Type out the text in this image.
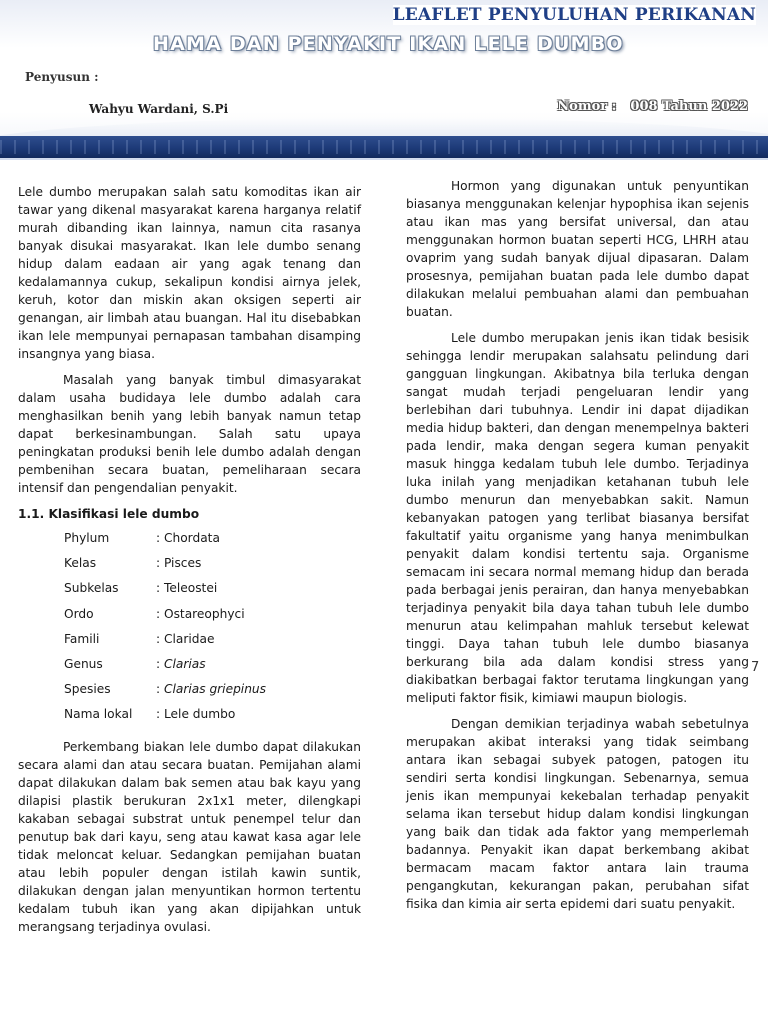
LEAFLET PENYULUHAN PERIKANAN
HAMA DAN PENYAKIT IKAN LELE DUMBO
Penyusun :
Wahyu Wardani, S.Pi	Nomor : 008 Tahun 2022

Lele dumbo merupakan salah satu komoditas ikan air tawar yang dikenal masyarakat karena harganya relatif murah dibanding ikan lainnya, namun cita rasanya banyak disukai masyarakat. Ikan lele dumbo senang hidup dalam eadaan air yang agak tenang dan kedalamannya cukup, sekalipun kondisi airnya jelek, keruh, kotor dan miskin akan oksigen seperti air genangan, air limbah atau buangan. Hal itu disebabkan ikan lele mempunyai pernapasan tambahan disamping insangnya yang biasa.

Masalah yang banyak timbul dimasyarakat dalam usaha budidaya lele dumbo adalah cara menghasilkan benih yang lebih banyak namun tetap dapat berkesinambungan. Salah satu upaya peningkatan produksi benih lele dumbo adalah dengan pembenihan secara buatan, pemeliharaan secara intensif dan pengendalian penyakit.

1.1. Klasifikasi lele dumbo
Phylum	: Chordata
Kelas	: Pisces
Subkelas	: Teleostei
Ordo	: Ostareophyci
Famili	: Claridae
Genus	: Clarias
Spesies	: Clarias griepinus
Nama lokal	: Lele dumbo

Perkembang biakan lele dumbo dapat dilakukan secara alami dan atau secara buatan. Pemijahan alami dapat dilakukan dalam bak semen atau bak kayu yang dilapisi plastik berukuran 2x1x1 meter, dilengkapi kakaban sebagai substrat untuk penempel telur dan penutup bak dari kayu, seng atau kawat kasa agar lele tidak meloncat keluar. Sedangkan pemijahan buatan atau lebih populer dengan istilah kawin suntik, dilakukan dengan jalan menyuntikan hormon tertentu kedalam tubuh ikan yang akan dipijahkan untuk merangsang terjadinya ovulasi.

Hormon yang digunakan untuk penyuntikan biasanya menggunakan kelenjar hypophisa ikan sejenis atau ikan mas yang bersifat universal, dan atau menggunakan hormon buatan seperti HCG, LHRH atau ovaprim yang sudah banyak dijual dipasaran. Dalam prosesnya, pemijahan buatan pada lele dumbo dapat dilakukan melalui pembuahan alami dan pembuahan buatan.

Lele dumbo merupakan jenis ikan tidak besisik sehingga lendir merupakan salahsatu pelindung dari gangguan lingkungan. Akibatnya bila terluka dengan sangat mudah terjadi pengeluaran lendir yang berlebihan dari tubuhnya. Lendir ini dapat dijadikan media hidup bakteri, dan dengan menempelnya bakteri pada lendir, maka dengan segera kuman penyakit masuk hingga kedalam tubuh lele dumbo. Terjadinya luka inilah yang menjadikan ketahanan tubuh lele dumbo menurun dan menyebabkan sakit. Namun kebanyakan patogen yang terlibat biasanya bersifat fakultatif yaitu organisme yang hanya menimbulkan penyakit dalam kondisi tertentu saja. Organisme semacam ini secara normal memang hidup dan berada pada berbagai jenis perairan, dan hanya menyebabkan terjadinya penyakit bila daya tahan tubuh lele dumbo menurun atau kelimpahan mahluk tersebut kelewat tinggi. Daya tahan tubuh lele dumbo biasanya berkurang bila ada dalam kondisi stress yang diakibatkan berbagai faktor terutama lingkungan yang meliputi faktor fisik, kimiawi maupun biologis.

Dengan demikian terjadinya wabah sebetulnya merupakan akibat interaksi yang tidak seimbang antara ikan sebagai subyek patogen, patogen itu sendiri serta kondisi lingkungan. Sebenarnya, semua jenis ikan mempunyai kekebalan terhadap penyakit selama ikan tersebut hidup dalam kondisi lingkungan yang baik dan tidak ada faktor yang memperlemah badannya. Penyakit ikan dapat berkembang akibat bermacam macam faktor antara lain trauma pengangkutan, kekurangan pakan, perubahan sifat fisika dan kimia air serta epidemi dari suatu penyakit.

7
